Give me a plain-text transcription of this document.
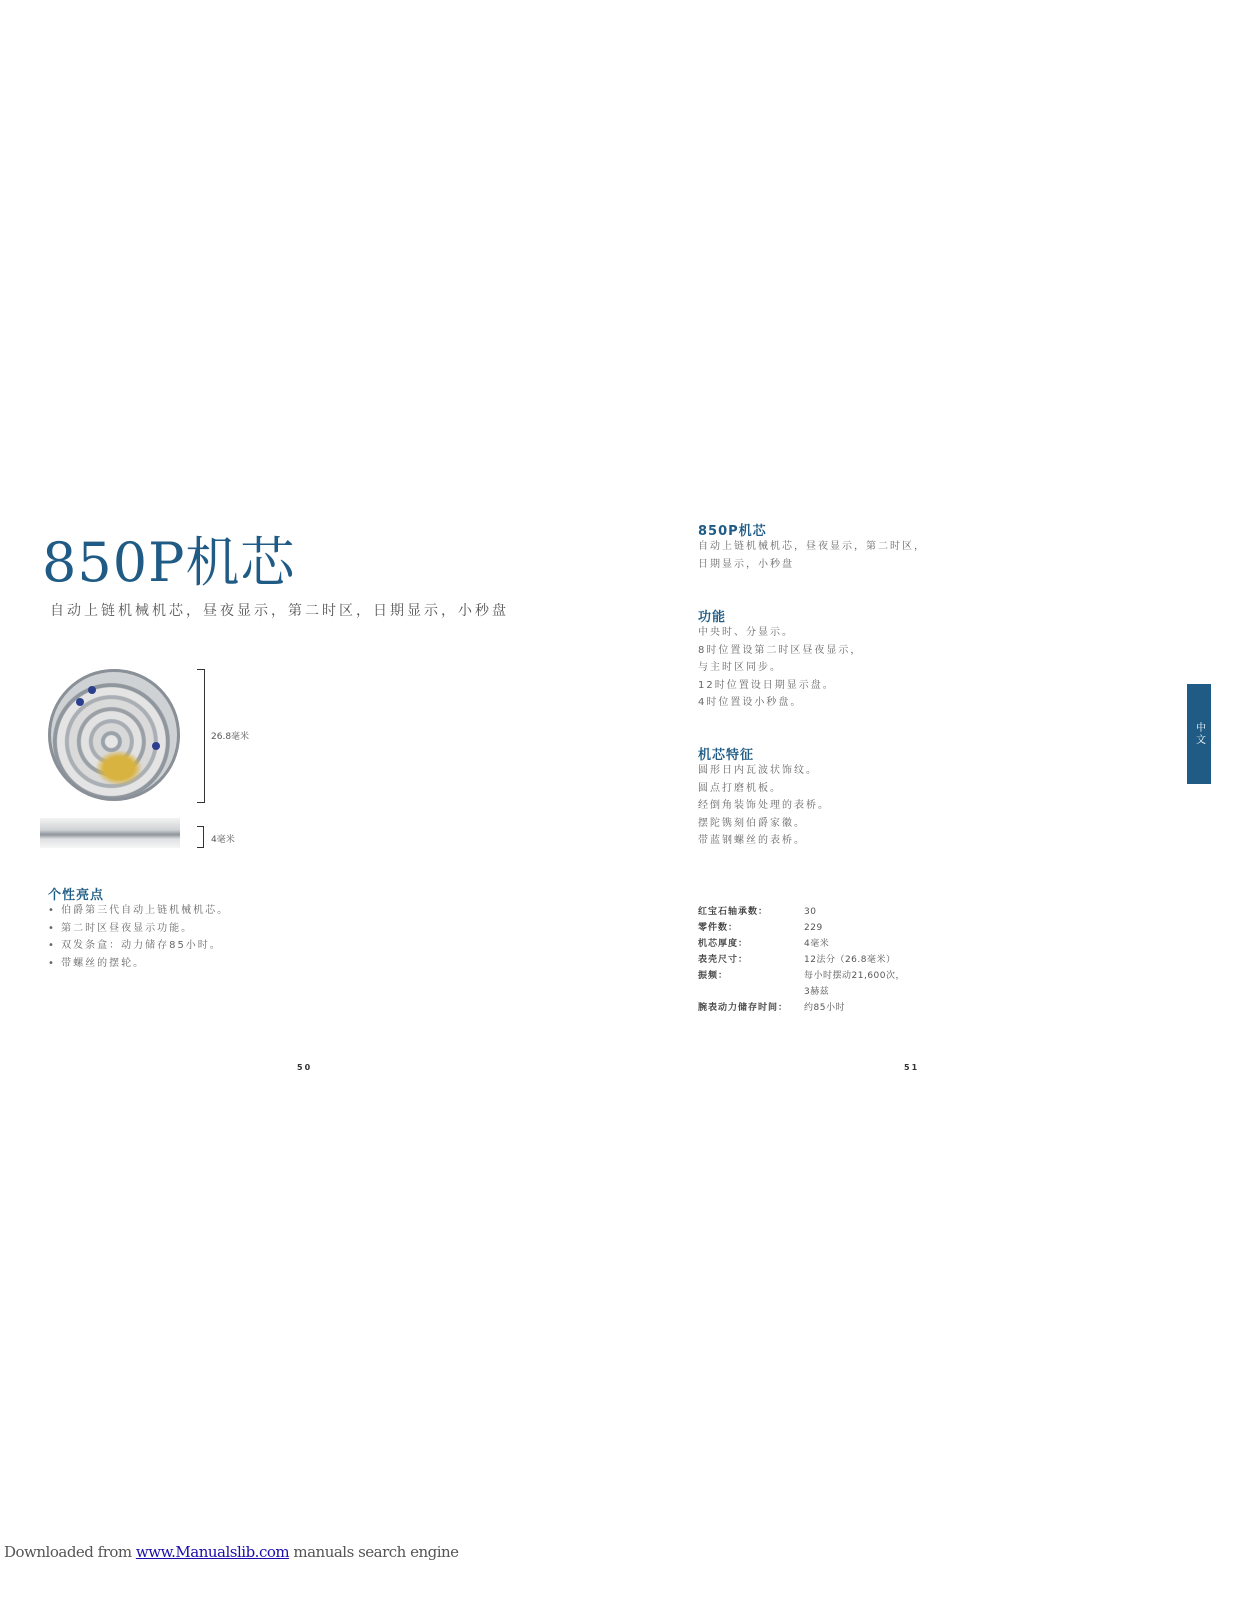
850P机芯
自动上链机械机芯，昼夜显示，第二时区，日期显示，小秒盘
26.8毫米
4毫米
个性亮点
• 伯爵第三代自动上链机械机芯。
• 第二时区昼夜显示功能。
• 双发条盒：动力储存85小时。
• 带螺丝的摆轮。
50
850P机芯
自动上链机械机芯，昼夜显示，第二时区，
日期显示，小秒盘
功能
中央时、分显示。
8时位置设第二时区昼夜显示，
与主时区同步。
12时位置设日期显示盘。
4时位置设小秒盘。
机芯特征
圆形日内瓦波状饰纹。
圆点打磨机板。
经倒角装饰处理的表桥。
摆陀镌刻伯爵家徽。
带蓝钢螺丝的表桥。
红宝石轴承数：	30
零件数：	229
机芯厚度：	4毫米
表壳尺寸：	12法分（26.8毫米）
振频：	每小时摆动21,600次，
3赫兹
腕表动力储存时间：	约85小时
51
中文
Downloaded from www.Manualslib.com manuals search engine
